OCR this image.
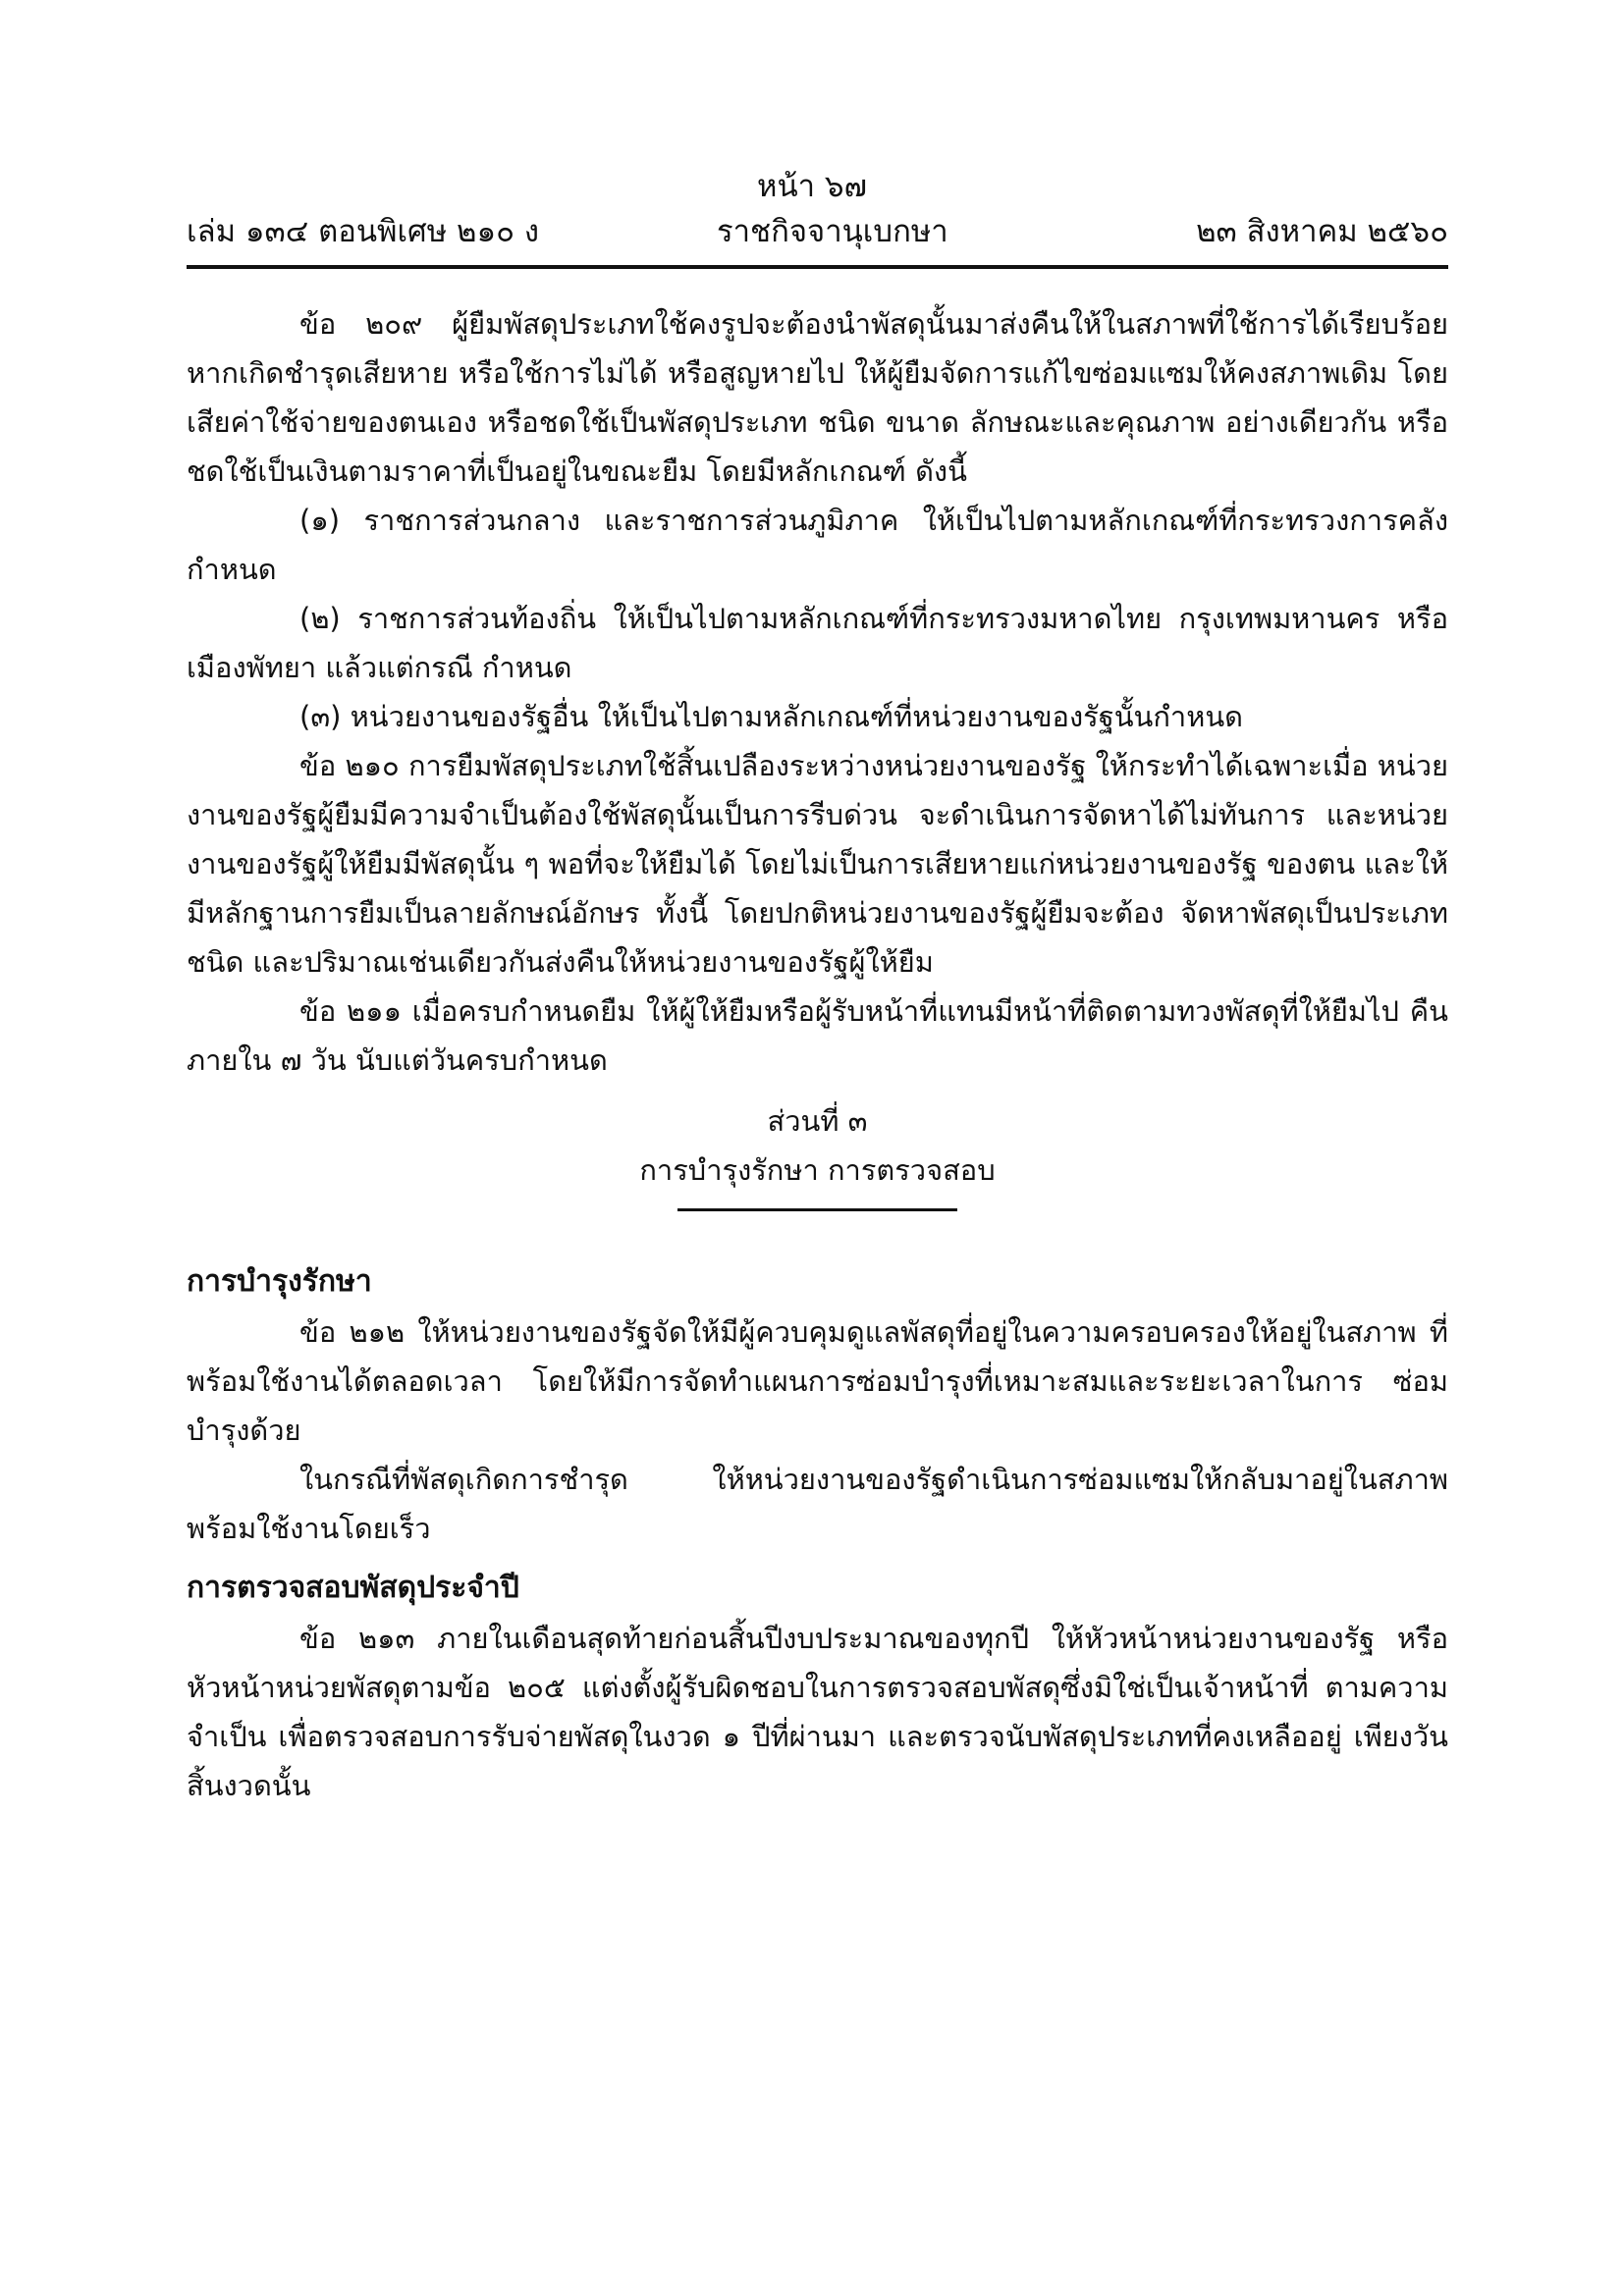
หน้า ๖๗
เล่ม ๑๓๔ ตอนพิเศษ ๒๑๐ ง	ราชกิจจานุเบกษา	๒๓ สิงหาคม ๒๕๖๐

ข้อ ๒๐๙ ผู้ยืมพัสดุประเภทใช้คงรูปจะต้องนำพัสดุนั้นมาส่งคืนให้ในสภาพที่ใช้การได้เรียบร้อย หากเกิดชำรุดเสียหาย หรือใช้การไม่ได้ หรือสูญหายไป ให้ผู้ยืมจัดการแก้ไขซ่อมแซมให้คงสภาพเดิม โดยเสียค่าใช้จ่ายของตนเอง หรือชดใช้เป็นพัสดุประเภท ชนิด ขนาด ลักษณะและคุณภาพ อย่างเดียวกัน หรือชดใช้เป็นเงินตามราคาที่เป็นอยู่ในขณะยืม โดยมีหลักเกณฑ์ ดังนี้

(๑) ราชการส่วนกลาง และราชการส่วนภูมิภาค ให้เป็นไปตามหลักเกณฑ์ที่กระทรวงการคลังกำหนด

(๒) ราชการส่วนท้องถิ่น ให้เป็นไปตามหลักเกณฑ์ที่กระทรวงมหาดไทย กรุงเทพมหานคร หรือเมืองพัทยา แล้วแต่กรณี กำหนด

(๓) หน่วยงานของรัฐอื่น ให้เป็นไปตามหลักเกณฑ์ที่หน่วยงานของรัฐนั้นกำหนด

ข้อ ๒๑๐ การยืมพัสดุประเภทใช้สิ้นเปลืองระหว่างหน่วยงานของรัฐ ให้กระทำได้เฉพาะเมื่อ หน่วยงานของรัฐผู้ยืมมีความจำเป็นต้องใช้พัสดุนั้นเป็นการรีบด่วน จะดำเนินการจัดหาได้ไม่ทันการ และหน่วยงานของรัฐผู้ให้ยืมมีพัสดุนั้น ๆ พอที่จะให้ยืมได้ โดยไม่เป็นการเสียหายแก่หน่วยงานของรัฐ ของตน และให้มีหลักฐานการยืมเป็นลายลักษณ์อักษร ทั้งนี้ โดยปกติหน่วยงานของรัฐผู้ยืมจะต้อง จัดหาพัสดุเป็นประเภท ชนิด และปริมาณเช่นเดียวกันส่งคืนให้หน่วยงานของรัฐผู้ให้ยืม

ข้อ ๒๑๑ เมื่อครบกำหนดยืม ให้ผู้ให้ยืมหรือผู้รับหน้าที่แทนมีหน้าที่ติดตามทวงพัสดุที่ให้ยืมไป คืนภายใน ๗ วัน นับแต่วันครบกำหนด

ส่วนที่ ๓

การบำรุงรักษา การตรวจสอบ

การบำรุงรักษา

ข้อ ๒๑๒ ให้หน่วยงานของรัฐจัดให้มีผู้ควบคุมดูแลพัสดุที่อยู่ในความครอบครองให้อยู่ในสภาพ ที่พร้อมใช้งานได้ตลอดเวลา โดยให้มีการจัดทำแผนการซ่อมบำรุงที่เหมาะสมและระยะเวลาในการ ซ่อมบำรุงด้วย

ในกรณีที่พัสดุเกิดการชำรุด ให้หน่วยงานของรัฐดำเนินการซ่อมแซมให้กลับมาอยู่ในสภาพ พร้อมใช้งานโดยเร็ว

การตรวจสอบพัสดุประจำปี

ข้อ ๒๑๓ ภายในเดือนสุดท้ายก่อนสิ้นปีงบประมาณของทุกปี ให้หัวหน้าหน่วยงานของรัฐ หรือหัวหน้าหน่วยพัสดุตามข้อ ๒๐๕ แต่งตั้งผู้รับผิดชอบในการตรวจสอบพัสดุซึ่งมิใช่เป็นเจ้าหน้าที่ ตามความจำเป็น เพื่อตรวจสอบการรับจ่ายพัสดุในงวด ๑ ปีที่ผ่านมา และตรวจนับพัสดุประเภทที่คงเหลืออยู่ เพียงวันสิ้นงวดนั้น
